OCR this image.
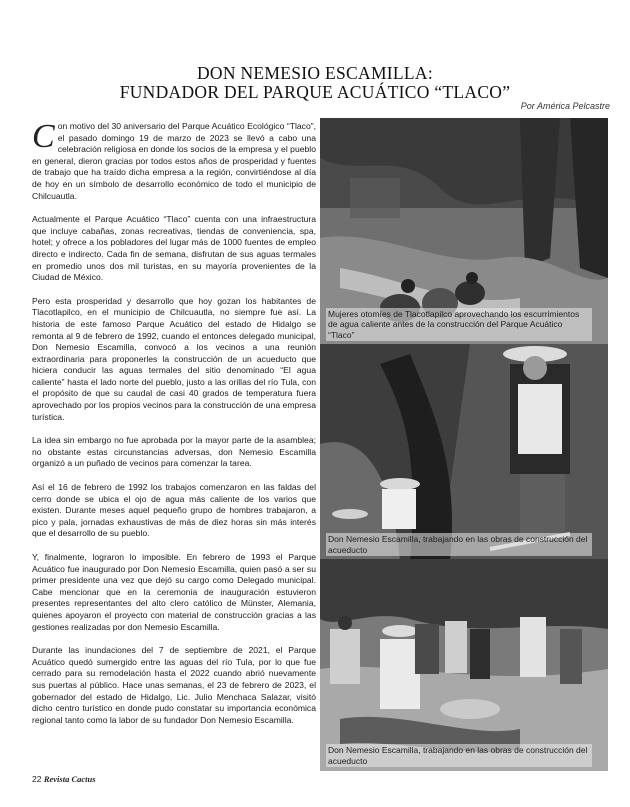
DON NEMESIO ESCAMILLA:
FUNDADOR DEL PARQUE ACUÁTICO “TLACO”
Por América Pelcastre

Con motivo del 30 aniversario del Parque Acuático Ecológico “Tlaco”, el pasado domingo 19 de marzo de 2023 se llevó a cabo una celebración religiosa en donde los socios de la empresa y el pueblo en general, dieron gracias por todos estos años de prosperidad y fuentes de trabajo que ha traído dicha empresa a la región, convirtiéndose al día de hoy en un símbolo de desarrollo económico de todo el municipio de Chilcuautla.

Actualmente el Parque Acuático “Tlaco” cuenta con una infraestructura que incluye cabañas, zonas recreativas, tiendas de conveniencia, spa, hotel; y ofrece a los pobladores del lugar más de 1000 fuentes de empleo directo e indirecto. Cada fin de semana, disfrutan de sus aguas termales en promedio unos dos mil turistas, en su mayoría provenientes de la Ciudad de México.

Pero esta prosperidad y desarrollo que hoy gozan los habitantes de Tlacotlapilco, en el municipio de Chilcuautla, no siempre fue así. La historia de este famoso Parque Acuático del estado de Hidalgo se remonta al 9 de febrero de 1992, cuando el entonces delegado municipal, Don Nemesio Escamilla, convocó a los vecinos a una reunión extraordinaria para proponerles la construcción de un acueducto que hiciera conducir las aguas termales del sitio denominado “El agua caliente” hasta el lado norte del pueblo, justo a las orillas del río Tula, con el propósito de que su caudal de casi 40 grados de temperatura fuera aprovechado por los propios vecinos para la construcción de una empresa turística.

La idea sin embargo no fue aprobada por la mayor parte de la asamblea; no obstante estas circunstancias adversas, don Nemesio Escamilla organizó a un puñado de vecinos para comenzar la tarea.

Así el 16 de febrero de 1992 los trabajos comenzaron en las faldas del cerro donde se ubica el ojo de agua más caliente de los varios que existen. Durante meses aquel pequeño grupo de hombres trabajaron, a pico y pala, jornadas exhaustivas de más de diez horas sin más interés que el desarrollo de su pueblo.

Y, finalmente, lograron lo imposible. En febrero de 1993 el Parque Acuático fue inaugurado por Don Nemesio Escamilla, quien pasó a ser su primer presidente una vez que dejó su cargo como Delegado municipal. Cabe mencionar que en la ceremonia de inauguración estuvieron presentes representantes del alto clero católico de Münster, Alemania, quienes apoyaron el proyecto con material de construcción gracias a las gestiones realizadas por don Nemesio Escamilla.

Durante las inundaciones del 7 de septiembre de 2021, el Parque Acuático quedó sumergido entre las aguas del río Tula, por lo que fue cerrado para su remodelación hasta el 2022 cuando abrió nuevamente sus puertas al público. Hace unas semanas, el 23 de febrero de 2023, el gobernador del estado de Hidalgo, Lic. Julio Menchaca Salazar, visitó dicho centro turístico en donde pudo constatar su importancia económica regional tanto como la labor de su fundador Don Nemesio Escamilla.

Mujeres otomíes de Tlacotlapilco aprovechando los escurrimientos de agua caliente antes de la construcción del Parque Acuático “Tlaco”
Don Nemesio Escamilla, trabajando en las obras de construcción del acueducto
Don Nemesio Escamilla, trabajando en las obras de construcción del acueducto
22 Revista Cactus
